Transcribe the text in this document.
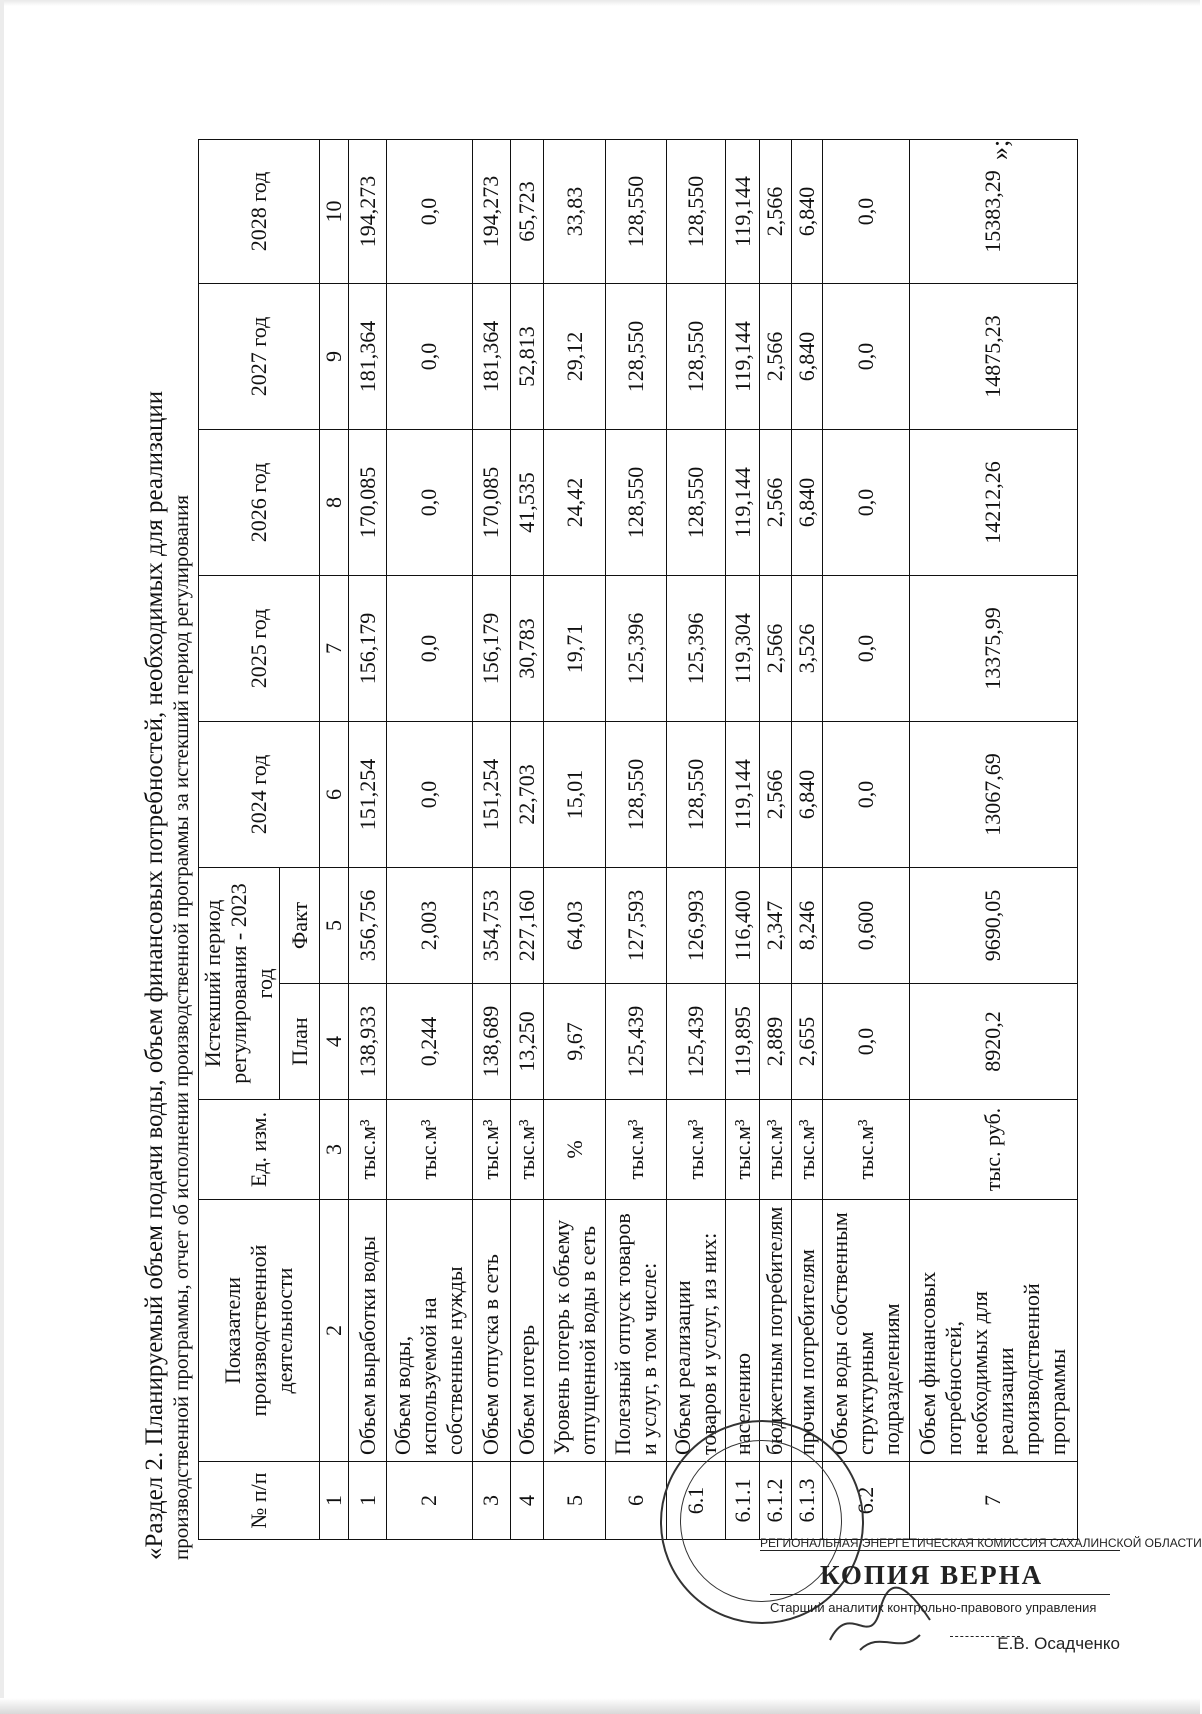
«Раздел 2. Планируемый объем подачи воды, объем финансовых потребностей, необходимых для реализации производственной программы, отчет об исполнении производственной программы за истекший период регулирования № п/п	Показатели производственной деятельности	Ед. изм.	Истекший период регулирования - 2023 год		2024 год	2025 год	2026 год	2027 год	2028 год
			План	Факт					
1	2	3	4	5	6	7	8	9	10
1	Объем выработки воды	тыс.м³	138,933	356,756	151,254	156,179	170,085	181,364	194,273
2	Объем воды, используемой на собственные нужды	тыс.м³	0,244	2,003	0,0	0,0	0,0	0,0	0,0
3	Объем отпуска в сеть	тыс.м³	138,689	354,753	151,254	156,179	170,085	181,364	194,273
4	Объем потерь	тыс.м³	13,250	227,160	22,703	30,783	41,535	52,813	65,723
5	Уровень потерь к объему отпущенной воды в сеть	%	9,67	64,03	15,01	19,71	24,42	29,12	33,83
6	Полезный отпуск товаров и услуг, в том числе:	тыс.м³	125,439	127,593	128,550	125,396	128,550	128,550	128,550
6.1	Объем реализации товаров и услуг, из них:	тыс.м³	125,439	126,993	128,550	125,396	128,550	128,550	128,550
6.1.1	населению	тыс.м³	119,895	116,400	119,144	119,304	119,144	119,144	119,144
6.1.2	бюджетным потребителям	тыс.м³	2,889	2,347	2,566	2,566	2,566	2,566	2,566
6.1.3	прочим потребителям	тыс.м³	2,655	8,246	6,840	3,526	6,840	6,840	6,840
6.2	Объем воды собственным структурным подразделениям	тыс.м³	0,0	0,600	0,0	0,0	0,0	0,0	0,0
7	Объем финансовых потребностей, необходимых для реализации производственной программы	тыс. руб.	8920,2	9690,05	13067,69	13375,99	14212,26	14875,23	15383,29
»;
РЕГИОНАЛЬНАЯ ЭНЕРГЕТИЧЕСКАЯ КОМИССИЯ САХАЛИНСКОЙ ОБЛАСТИ
КОПИЯ ВЕРНА
Старший аналитик контрольно-правового управления
Е.В. Осадченко
